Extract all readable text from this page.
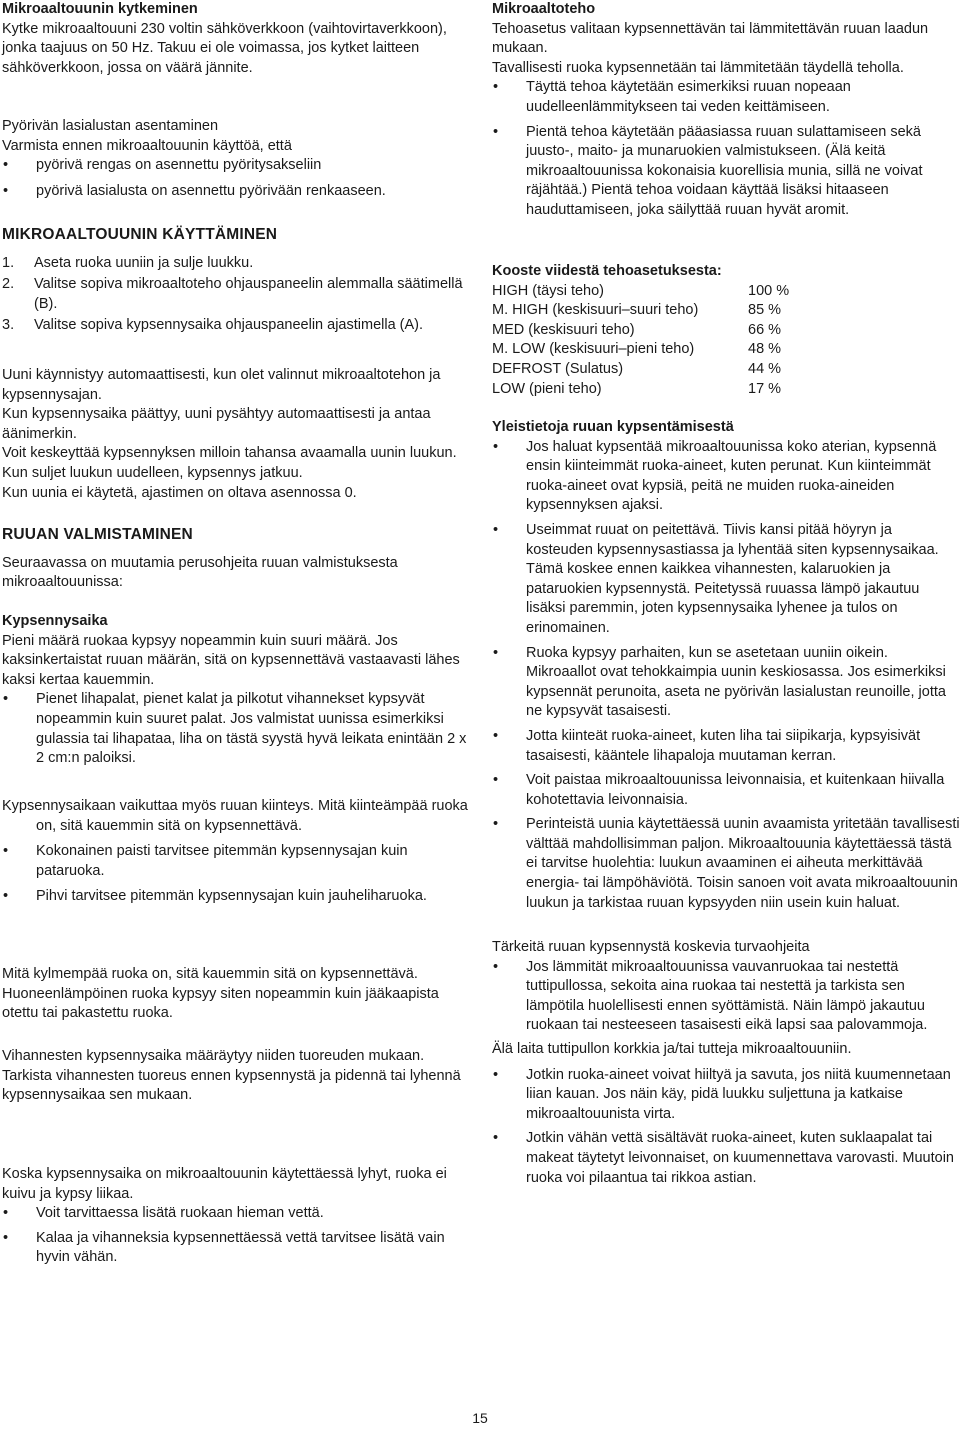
Mikroaaltouunin kytkeminen

Kytke mikroaaltouuni 230 voltin sähköverkkoon (vaihtovirtaverkkoon), jonka taajuus on 50 Hz. Takuu ei ole voimassa, jos kytket laitteen sähköverkkoon, jossa on väärä jännite.

Pyörivän lasialustan asentaminen

Varmista ennen mikroaaltouunin käyttöä, että

• pyörivä rengas on asennettu pyöritysakseliin
• pyörivä lasialusta on asennettu pyörivään renkaaseen.

MIKROAALTOUUNIN KÄYTTÄMINEN

1. Aseta ruoka uuniin ja sulje luukku.
2. Valitse sopiva mikroaaltoteho ohjauspaneelin alemmalla säätimellä (B).
3. Valitse sopiva kypsennysaika ohjauspaneelin ajastimella (A).

Uuni käynnistyy automaattisesti, kun olet valinnut mikroaaltotehon ja kypsennysajan.

Kun kypsennysaika päättyy, uuni pysähtyy automaattisesti ja antaa äänimerkin.

Voit keskeyttää kypsennyksen milloin tahansa avaamalla uunin luukun. Kun suljet luukun uudelleen, kypsennys jatkuu.

Kun uunia ei käytetä, ajastimen on oltava asennossa 0.

RUUAN VALMISTAMINEN

Seuraavassa on muutamia perusohjeita ruuan valmistuksesta mikroaaltouunissa:

Kypsennysaika

Pieni määrä ruokaa kypsyy nopeammin kuin suuri määrä. Jos kaksinkertaistat ruuan määrän, sitä on kypsennettävä vastaavasti lähes kaksi kertaa kauemmin.

• Pienet lihapalat, pienet kalat ja pilkotut vihannekset kypsyvät nopeammin kuin suuret palat. Jos valmistat uunissa esimerkiksi gulassia tai lihapataa, liha on tästä syystä hyvä leikata enintään 2 x 2 cm:n paloiksi.

Kypsennysaikaan vaikuttaa myös ruuan kiinteys. Mitä kiinteämpää ruoka on, sitä kauemmin sitä on kypsennettävä.

• Kokonainen paisti tarvitsee pitemmän kypsennysajan kuin pataruoka.
• Pihvi tarvitsee pitemmän kypsennysajan kuin jauheliharuoka.

Mitä kylmempää ruoka on, sitä kauemmin sitä on kypsennettävä. Huoneenlämpöinen ruoka kypsyy siten nopeammin kuin jääkaapista otettu tai pakastettu ruoka.

Vihannesten kypsennysaika määräytyy niiden tuoreuden mukaan. Tarkista vihannesten tuoreus ennen kypsennystä ja pidennä tai lyhennä kypsennysaikaa sen mukaan.

Koska kypsennysaika on mikroaaltouunin käytettäessä lyhyt, ruoka ei kuivu ja kypsy liikaa.

• Voit tarvittaessa lisätä ruokaan hieman vettä.
• Kalaa ja vihanneksia kypsennettäessä vettä tarvitsee lisätä vain hyvin vähän.

Mikroaaltoteho

Tehoasetus valitaan kypsennettävän tai lämmitettävän ruuan laadun mukaan.

Tavallisesti ruoka kypsennetään tai lämmitetään täydellä teholla.

• Täyttä tehoa käytetään esimerkiksi ruuan nopeaan uudelleenlämmitykseen tai veden keittämiseen.
• Pientä tehoa käytetään pääasiassa ruuan sulattamiseen sekä juusto-, maito- ja munaruokien valmistukseen. (Älä keitä mikroaaltouunissa kokonaisia kuorellisia munia, sillä ne voivat räjähtää.) Pientä tehoa voidaan käyttää lisäksi hitaaseen hauduttamiseen, joka säilyttää ruuan hyvät aromit.

Kooste viidestä tehoasetuksesta:

HIGH (täysi teho)	100 %
M. HIGH (keskisuuri–suuri teho)	85 %
MED (keskisuuri teho)	66 %
M. LOW (keskisuuri–pieni teho)	48 %
DEFROST (Sulatus)	44 %
LOW (pieni teho)	17 %

Yleistietoja ruuan kypsentämisestä

• Jos haluat kypsentää mikroaaltouunissa koko aterian, kypsennä ensin kiinteimmät ruoka-aineet, kuten perunat. Kun kiinteimmät ruoka-aineet ovat kypsiä, peitä ne muiden ruoka-aineiden kypsennyksen ajaksi.
• Useimmat ruuat on peitettävä. Tiivis kansi pitää höyryn ja kosteuden kypsennysastiassa ja lyhentää siten kypsennysaikaa. Tämä koskee ennen kaikkea vihannesten, kalaruokien ja pataruokien kypsennystä. Peitetyssä ruuassa lämpö jakautuu lisäksi paremmin, joten kypsennysaika lyhenee ja tulos on erinomainen.
• Ruoka kypsyy parhaiten, kun se asetetaan uuniin oikein. Mikroaallot ovat tehokkaimpia uunin keskiosassa. Jos esimerkiksi kypsennät perunoita, aseta ne pyörivän lasialustan reunoille, jotta ne kypsyvät tasaisesti.
• Jotta kiinteät ruoka-aineet, kuten liha tai siipikarja, kypsyisivät tasaisesti, kääntele lihapaloja muutaman kerran.
• Voit paistaa mikroaaltouunissa leivonnaisia, et kuitenkaan hiivalla kohotettavia leivonnaisia.
• Perinteistä uunia käytettäessä uunin avaamista yritetään tavallisesti välttää mahdollisimman paljon. Mikroaaltouunia käytettäessä tästä ei tarvitse huolehtia: luukun avaaminen ei aiheuta merkittävää energia- tai lämpöhäviötä. Toisin sanoen voit avata mikroaaltouunin luukun ja tarkistaa ruuan kypsyyden niin usein kuin haluat.

Tärkeitä ruuan kypsennystä koskevia turvaohjeita

• Jos lämmität mikroaaltouunissa vauvanruokaa tai nestettä tuttipullossa, sekoita aina ruokaa tai nestettä ja tarkista sen lämpötila huolellisesti ennen syöttämistä. Näin lämpö jakautuu ruokaan tai nesteeseen tasaisesti eikä lapsi saa palovammoja.

Älä laita tuttipullon korkkia ja/tai tutteja mikroaaltouuniin.

• Jotkin ruoka-aineet voivat hiiltyä ja savuta, jos niitä kuumennetaan liian kauan. Jos näin käy, pidä luukku suljettuna ja katkaise mikroaaltouunista virta.
• Jotkin vähän vettä sisältävät ruoka-aineet, kuten suklaapalat tai makeat täytetyt leivonnaiset, on kuumennettava varovasti. Muutoin ruoka voi pilaantua tai rikkoa astian.
15
